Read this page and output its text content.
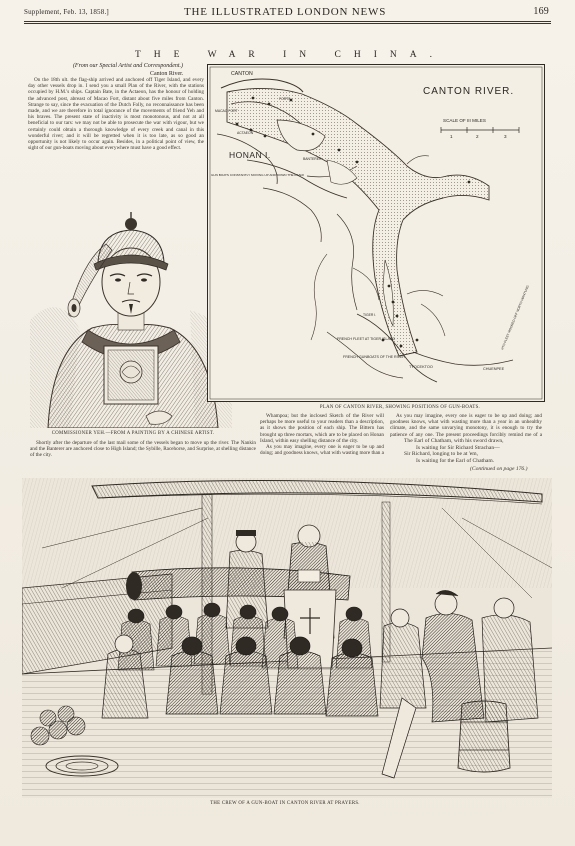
Supplement, Feb. 13, 1858.]	THE ILLUSTRATED LONDON NEWS	169
THE WAR IN CHINA.
(From our Special Artist and Correspondent.)
Canton River.

On the 18th ult. the flag-ship arrived and anchored off Tiger Island, and every day other vessels drop in. I send you a small Plan of the River, with the stations occupied by H.M.'s ships. Captain Bate, in the Actaeon, has the honour of holding the advanced post, abreast of Macao Fort, distant about five miles from Canton. Strange to say, since the evacuation of the Dutch Folly, no reconnaissance has been made, and we are therefore in total ignorance of the movements of friend Yeh and his braves. The present state of inactivity is most monotonous, and not at all beneficial to our tars: we may not be able to prosecute the war with vigour, but we certainly could obtain a thorough knowledge of every creek and canal in this wonderful river; and it will be regretted when it is too late, as so good an opportunity is not likely to occur again. Besides, in a political point of view, the sight of our gun-boats moving about everywhere must have a good effect.

COMMISSIONER YEH.—FROM A PAINTING BY A CHINESE ARTIST.
CANTON RIVER.
SCALE OF III MILES
1	2	3
CANTON
FORTS
MACAO FORT
ACTAEON
HONAN I.	BANTERER
GUN BOATS CONSTANTLY MOVING UP AND DOWN THE RIVER
TIGER I.
FRENCH FLEET AT TIGER ISLAND
FRENCH GUNBOATS OF THE RIVER
TYOCEKTOO	CHUENPEE
HTH FLEET MOORED OFF NORTH WANTUNG
PLAN OF CANTON RIVER, SHOWING POSITIONS OF GUN-BOATS.

Whampoa; but the inclosed Sketch of the River will perhaps be more useful to your readers than a description, as it shows the position of each ship. The Bittern has brought up three mortars, which are to be placed on Honan Island, within easy shelling distance of the city.

As you may imagine, every one is eager to be up and doing; and goodness knows, what with wasting more than a

As you may imagine, every one is eager to be up and doing; and goodness knows, what with wasting more than a year in an unhealthy climate, and the same unvarying monotony, it is enough to try the patience of any one. The present proceedings forcibly remind me of a

The Earl of Chatham, with his sword drawn,
Is waiting for Sir Richard Strachan—
Sir Richard, longing to be at 'em,
Is waiting for the Earl of Chatham.
(Continued on page 176.)

Shortly after the departure of the last mail some of the vessels began to move up the river. The Nankin and the Banterer are anchored close to High Island; the Sybille, Racehorse, and Surprise, at shelling distance of the city.

THE CREW OF A GUN-BOAT IN CANTON RIVER AT PRAYERS.
